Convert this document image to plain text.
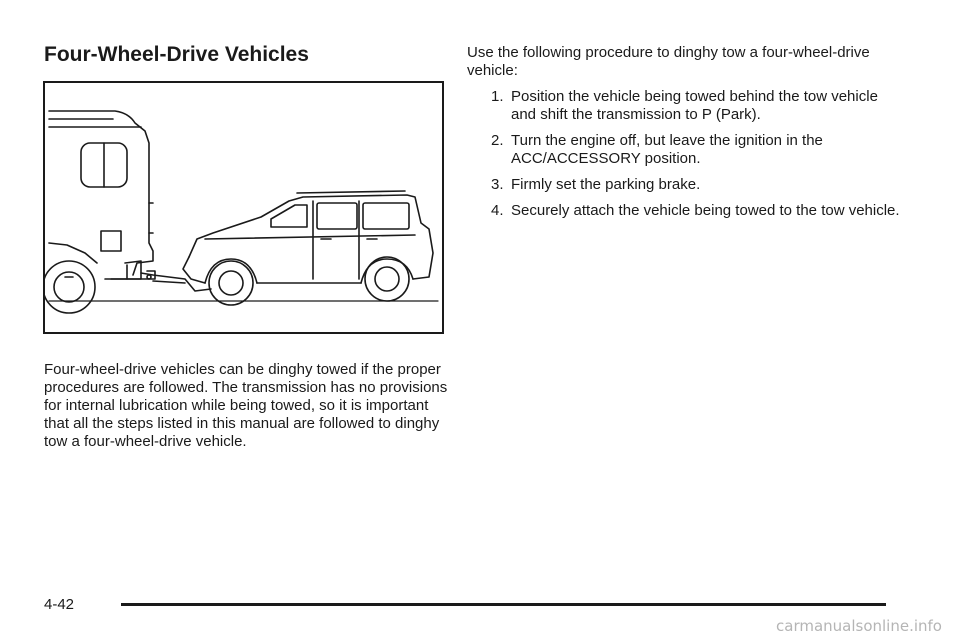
Four-Wheel-Drive Vehicles

Four-wheel-drive vehicles can be dinghy towed if the proper procedures are followed. The transmission has no provisions for internal lubrication while being towed, so it is important that all the steps listed in this manual are followed to dinghy tow a four-wheel-drive vehicle.

Use the following procedure to dinghy tow a four-wheel-drive vehicle:

1. Position the vehicle being towed behind the tow vehicle and shift the transmission to P (Park).
2. Turn the engine off, but leave the ignition in the ACC/ACCESSORY position.
3. Firmly set the parking brake.
4. Securely attach the vehicle being towed to the tow vehicle.
4-42
carmanualsonline.info
